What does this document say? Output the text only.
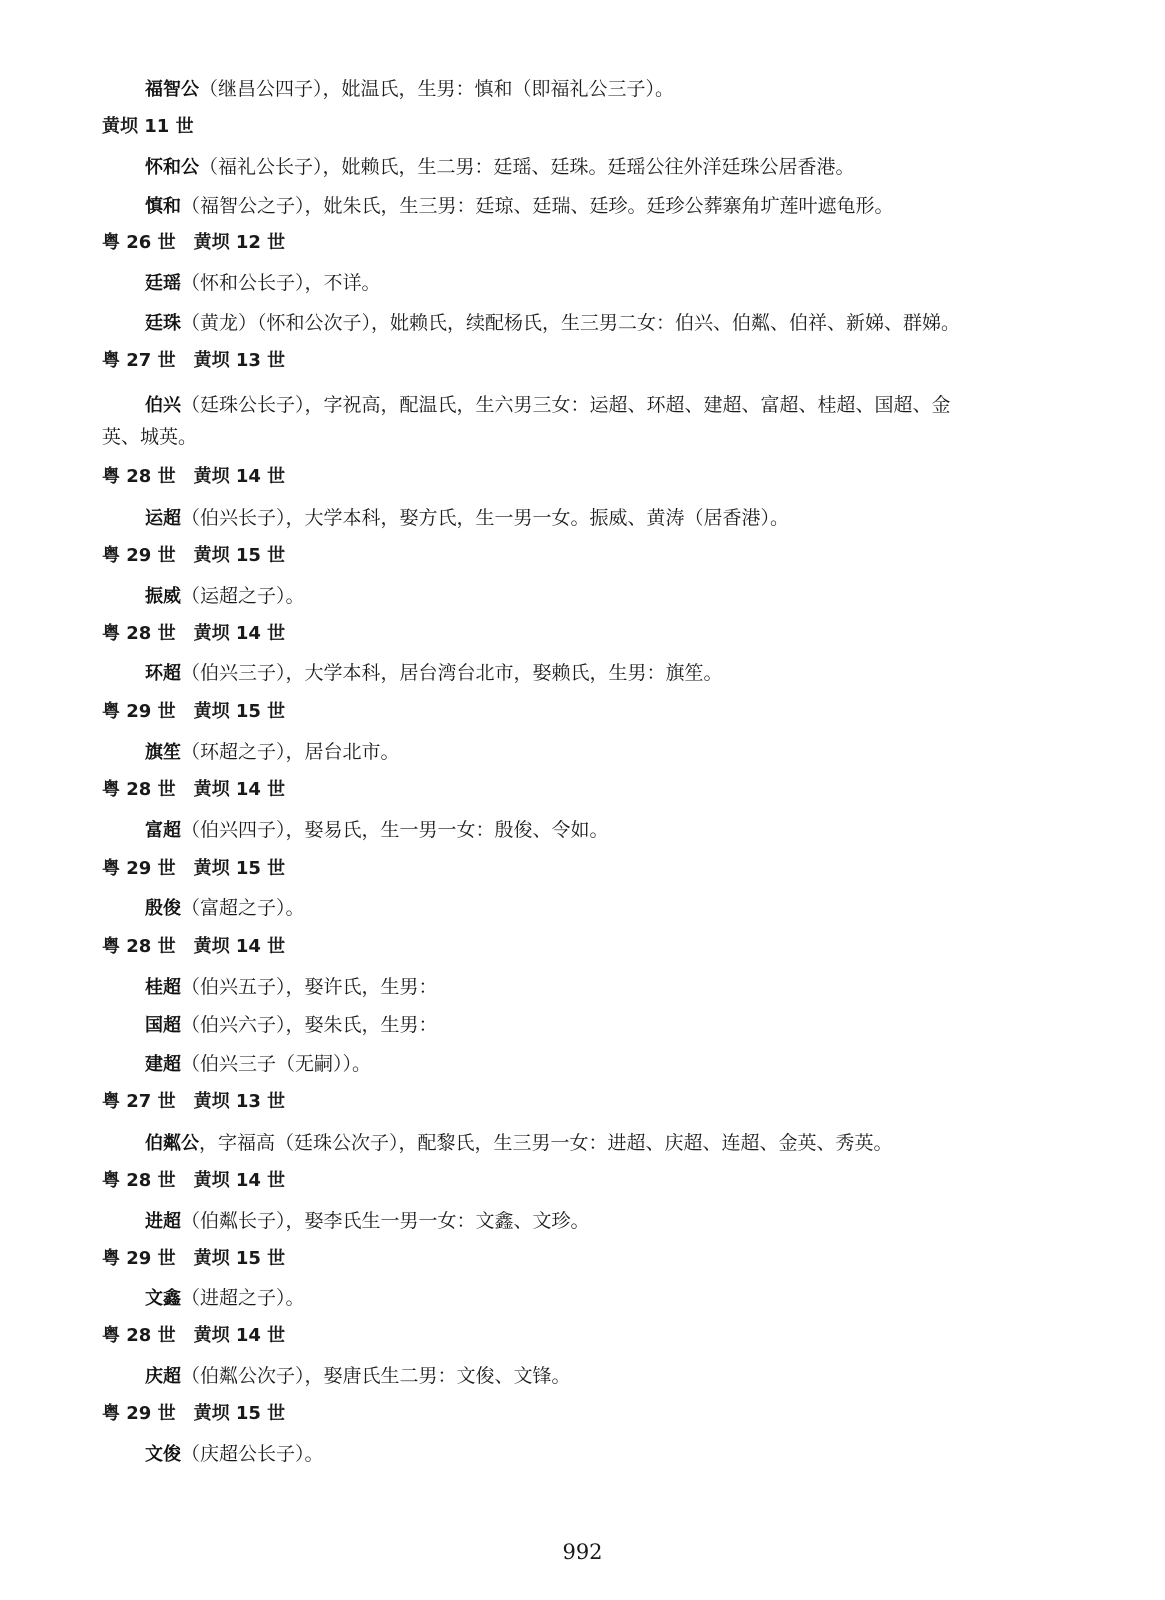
福智公（继昌公四子），妣温氏，生男：慎和（即福礼公三子）。
黄坝 11 世
怀和公（福礼公长子），妣赖氏，生二男：廷瑶、廷珠。廷瑶公往外洋廷珠公居香港。
慎和（福智公之子），妣朱氏，生三男：廷琼、廷瑞、廷珍。廷珍公葬寨角圹莲叶遮龟形。
粤 26 世　黄坝 12 世
廷瑶（怀和公长子），不详。
廷珠（黄龙）（怀和公次子），妣赖氏，续配杨氏，生三男二女：伯兴、伯粼、伯祥、新娣、群娣。
粤 27 世　黄坝 13 世
伯兴（廷珠公长子），字祝高，配温氏，生六男三女：运超、环超、建超、富超、桂超、国超、金
英、城英。
粤 28 世　黄坝 14 世
运超（伯兴长子），大学本科，娶方氏，生一男一女。振威、黄涛（居香港）。
粤 29 世　黄坝 15 世
振威（运超之子）。
粤 28 世　黄坝 14 世
环超（伯兴三子），大学本科，居台湾台北市，娶赖氏，生男：旗笙。
粤 29 世　黄坝 15 世
旗笙（环超之子），居台北市。
粤 28 世　黄坝 14 世
富超（伯兴四子），娶易氏，生一男一女：殷俊、令如。
粤 29 世　黄坝 15 世
殷俊（富超之子）。
粤 28 世　黄坝 14 世
桂超（伯兴五子），娶许氏，生男：
国超（伯兴六子），娶朱氏，生男：
建超（伯兴三子（无嗣））。
粤 27 世　黄坝 13 世
伯粼公，字福高（廷珠公次子），配黎氏，生三男一女：进超、庆超、连超、金英、秀英。
粤 28 世　黄坝 14 世
进超（伯粼长子），娶李氏生一男一女：文鑫、文珍。
粤 29 世　黄坝 15 世
文鑫（进超之子）。
粤 28 世　黄坝 14 世
庆超（伯粼公次子），娶唐氏生二男：文俊、文锋。
粤 29 世　黄坝 15 世
文俊（庆超公长子）。
992
